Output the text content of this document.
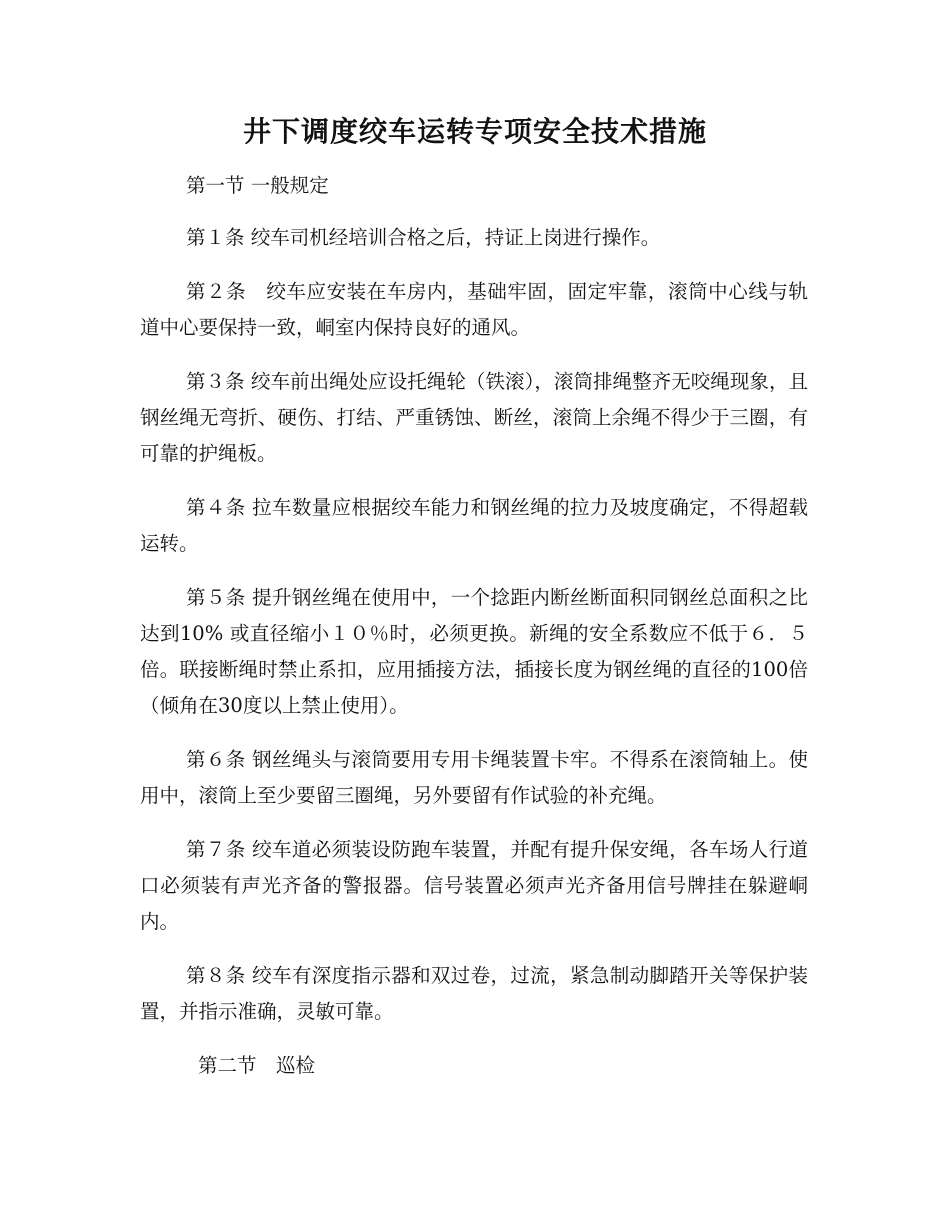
井下调度绞车运转专项安全技术措施

第一节 一般规定

第１条 绞车司机经培训合格之后，持证上岗进行操作。

第２条　绞车应安装在车房内，基础牢固，固定牢靠，滚筒中心线与轨道中心要保持一致，峒室内保持良好的通风。

第３条 绞车前出绳处应设托绳轮（铁滚），滚筒排绳整齐无咬绳现象，且钢丝绳无弯折、硬伤、打结、严重锈蚀、断丝，滚筒上余绳不得少于三圈，有可靠的护绳板。

第４条 拉车数量应根据绞车能力和钢丝绳的拉力及坡度确定，不得超载运转。

第５条 提升钢丝绳在使用中，一个捻距内断丝断面积同钢丝总面积之比达到10% 或直径缩小１０％时，必须更换。新绳的安全系数应不低于６．５倍。联接断绳时禁止系扣，应用插接方法，插接长度为钢丝绳的直径的100倍（倾角在30度以上禁止使用）。

第６条 钢丝绳头与滚筒要用专用卡绳装置卡牢。不得系在滚筒轴上。使用中，滚筒上至少要留三圈绳，另外要留有作试验的补充绳。

第７条 绞车道必须装设防跑车装置，并配有提升保安绳，各车场人行道口必须装有声光齐备的警报器。信号装置必须声光齐备用信号牌挂在躲避峒内。

第８条 绞车有深度指示器和双过卷，过流，紧急制动脚踏开关等保护装置，并指示准确，灵敏可靠。

第二节　巡检
